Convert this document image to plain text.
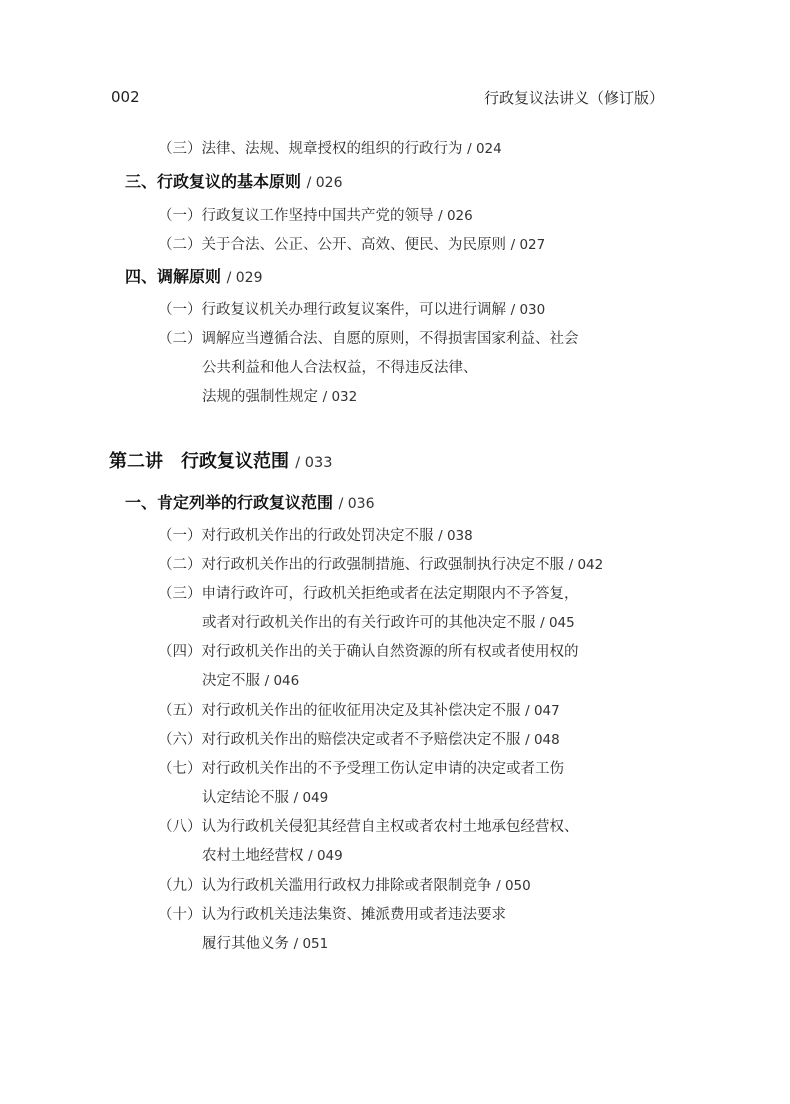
002	行政复议法讲义（修订版）
（三）法律、法规、规章授权的组织的行政行为 / 024
三、行政复议的基本原则 / 026
（一）行政复议工作坚持中国共产党的领导 / 026
（二）关于合法、公正、公开、高效、便民、为民原则 / 027
四、调解原则 / 029
（一）行政复议机关办理行政复议案件，可以进行调解 / 030
（二）调解应当遵循合法、自愿的原则，不得损害国家利益、社会
公共利益和他人合法权益，不得违反法律、
法规的强制性规定 / 032
第二讲　行政复议范围 / 033
一、肯定列举的行政复议范围 / 036
（一）对行政机关作出的行政处罚决定不服 / 038
（二）对行政机关作出的行政强制措施、行政强制执行决定不服 / 042
（三）申请行政许可，行政机关拒绝或者在法定期限内不予答复，
或者对行政机关作出的有关行政许可的其他决定不服 / 045
（四）对行政机关作出的关于确认自然资源的所有权或者使用权的
决定不服 / 046
（五）对行政机关作出的征收征用决定及其补偿决定不服 / 047
（六）对行政机关作出的赔偿决定或者不予赔偿决定不服 / 048
（七）对行政机关作出的不予受理工伤认定申请的决定或者工伤
认定结论不服 / 049
（八）认为行政机关侵犯其经营自主权或者农村土地承包经营权、
农村土地经营权 / 049
（九）认为行政机关滥用行政权力排除或者限制竞争 / 050
（十）认为行政机关违法集资、摊派费用或者违法要求
履行其他义务 / 051
